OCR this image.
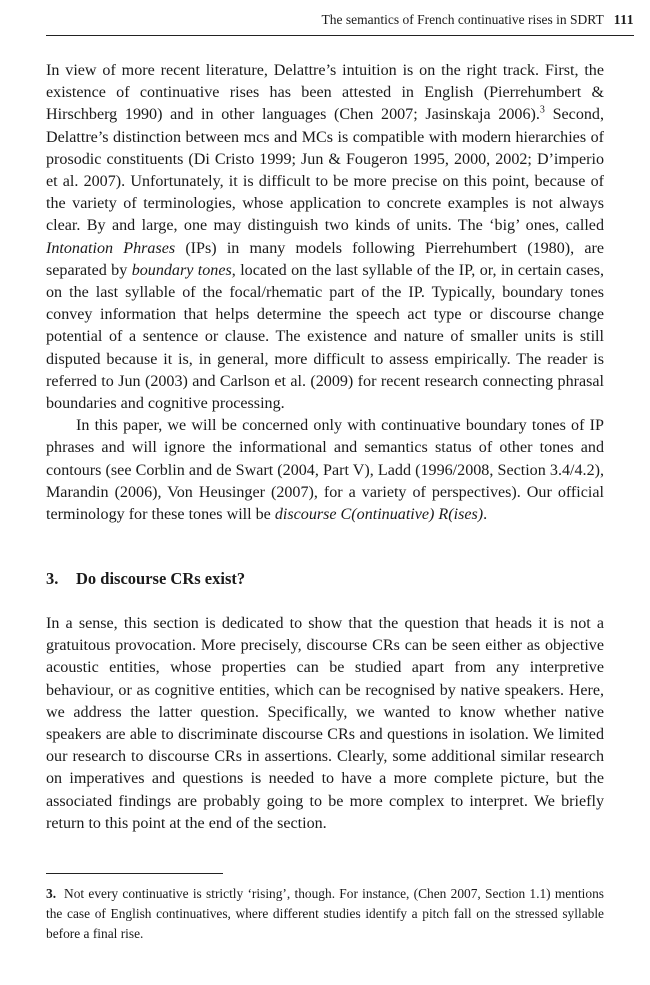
The semantics of French continuative rises in SDRT 111

In view of more recent literature, Delattre’s intuition is on the right track. First, the existence of continuative rises has been attested in English (Pierrehumbert & Hirschberg 1990) and in other languages (Chen 2007; Jasinskaja 2006).$^3$ Second, Delattre’s distinction between mcs and MCs is compatible with modern hierarchies of prosodic constituents (Di Cristo 1999; Jun & Fougeron 1995, 2000, 2002; D’imperio et al. 2007). Unfortunately, it is difficult to be more precise on this point, because of the variety of terminologies, whose application to concrete examples is not always clear. By and large, one may distinguish two kinds of units. The ‘big’ ones, called Intonation Phrases (IPs) in many models following Pierrehumbert (1980), are separated by boundary tones, located on the last syllable of the IP, or, in certain cases, on the last syllable of the focal/rhematic part of the IP. Typically, boundary tones convey information that helps determine the speech act type or discourse change potential of a sentence or clause. The existence and nature of smaller units is still disputed because it is, in general, more difficult to assess empirically. The reader is referred to Jun (2003) and Carlson et al. (2009) for recent research connecting phrasal boundaries and cognitive processing.

In this paper, we will be concerned only with continuative boundary tones of IP phrases and will ignore the informational and semantics status of other tones and contours (see Corblin and de Swart (2004, Part V), Ladd (1996/2008, Section 3.4/4.2), Marandin (2006), Von Heusinger (2007), for a variety of perspectives). Our official terminology for these tones will be discourse C(ontinuative) R(ises).

3. Do discourse CRs exist?

In a sense, this section is dedicated to show that the question that heads it is not a gratuitous provocation. More precisely, discourse CRs can be seen either as objective acoustic entities, whose properties can be studied apart from any interpretive behaviour, or as cognitive entities, which can be recognised by native speakers. Here, we address the latter question. Specifically, we wanted to know whether native speakers are able to discriminate discourse CRs and questions in isolation. We limited our research to discourse CRs in assertions. Clearly, some additional similar research on imperatives and questions is needed to have a more complete picture, but the associated findings are probably going to be more complex to interpret. We briefly return to this point at the end of the section.

3. Not every continuative is strictly ‘rising’, though. For instance, (Chen 2007, Section 1.1) mentions the case of English continuatives, where different studies identify a pitch fall on the stressed syllable before a final rise.
